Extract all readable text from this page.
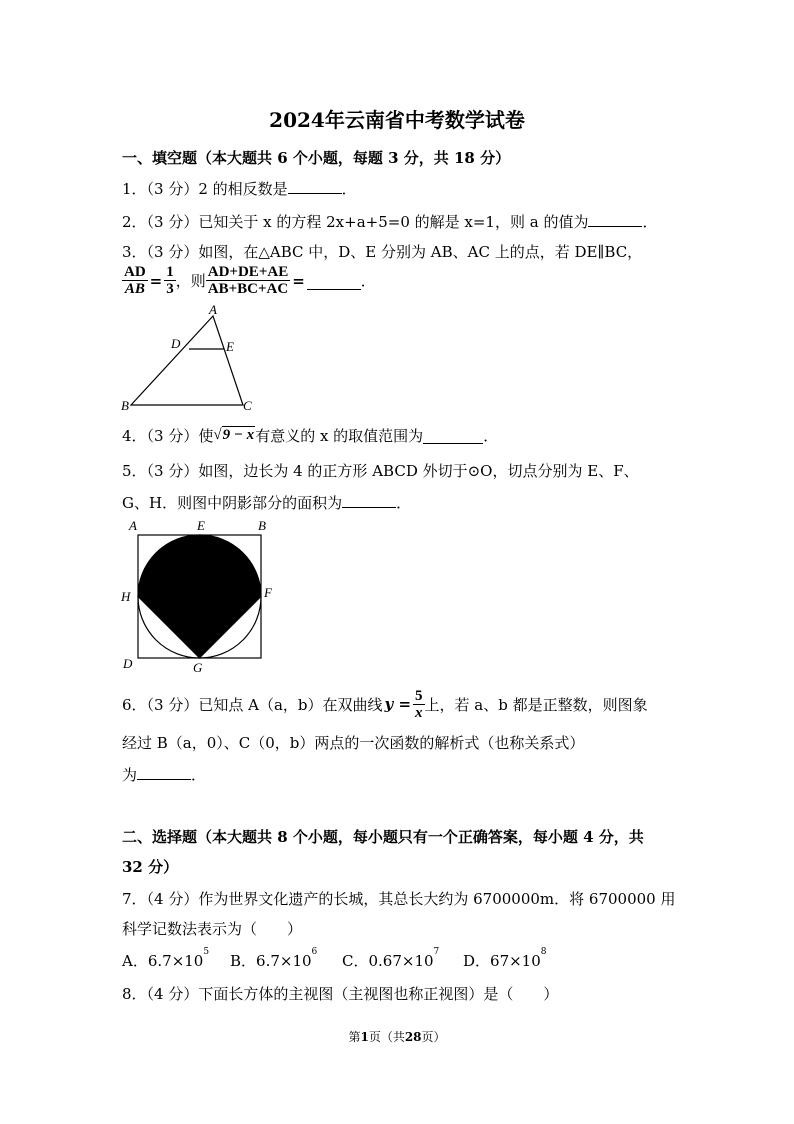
2024年云南省中考数学试卷
一、填空题（本大题共 6 个小题，每题 3 分，共 18 分）
1．（3 分）2 的相反数是	．
2．（3 分）已知关于 x 的方程 2x+a+5=0 的解是 x=1，则 a 的值为	．
3．（3 分）如图，在△ABC 中，D、E 分别为 AB、AC 上的点，若 DE∥BC，
$\frac{AD}{AB} = \frac{1}{3}$ ，则 $\frac{AD+DE+AE}{AB+BC+AC}$ =	．
A
B	C
D	E
4．（3 分）使 √9 − x 有意义的 x 的取值范围为	．
5．（3 分）如图，边长为 4 的正方形 ABCD 外切于⊙O，切点分别为 E、F、
G、H．则图中阴影部分的面积为	．
A	E	B
H	F
D	G
6．（3 分）已知点 A（a，b）在双曲线 $y = \frac{5}{x}$ 上，若 a、b 都是正整数，则图象
经过 B（a，0）、C（0，b）两点的一次函数的解析式（也称关系式）
为	．
二、选择题（本大题共 8 个小题，每小题只有一个正确答案，每小题 4 分，共
32 分）
7．（4 分）作为世界文化遗产的长城，其总长大约为 6700000m．将 6700000 用
科学记数法表示为（　　）
A．$6.7\times 10^5$ B．$6.7\times 10^6$ C．$0.67\times 10^7$ D．$67\times 10^8$
8．（4 分）下面长方体的主视图（主视图也称正视图）是（　　）
第1页（共28页）
